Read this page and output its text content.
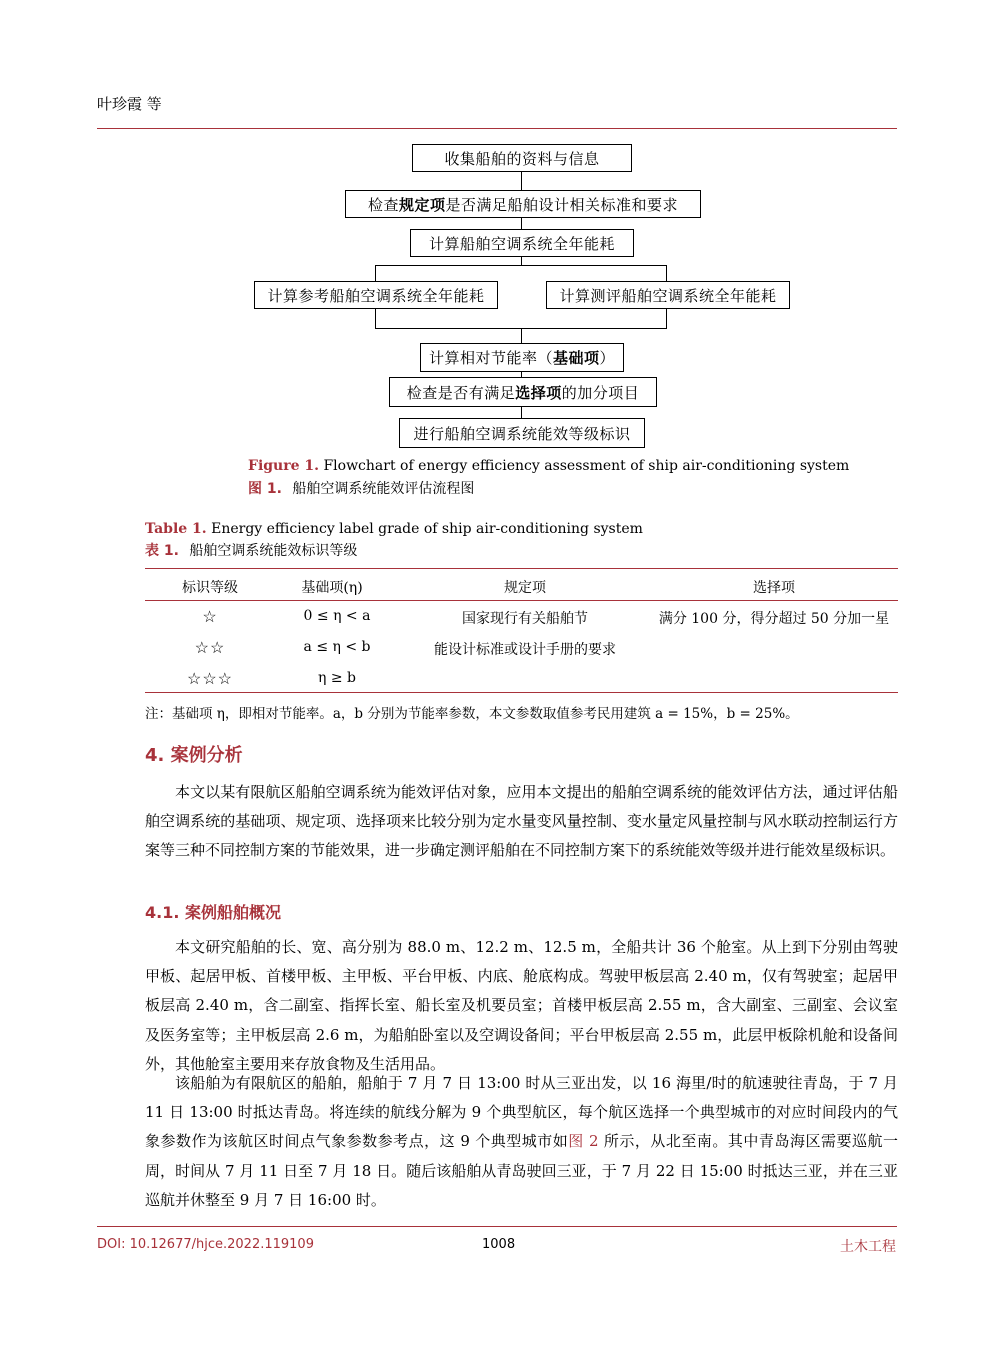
叶珍霞 等
收集船舶的资料与信息
检查 规定项 是否满足船舶设计相关标准和要求
计算船舶空调系统全年能耗
计算参考船舶空调系统全年能耗	计算测评船舶空调系统全年能耗
计算相对节能率（ 基础项 ）
检查是否有满足 选择项 的加分项目
进行船舶空调系统能效等级标识
Figure 1. Flowchart of energy efficiency assessment of ship air-conditioning system
图 1. 船舶空调系统能效评估流程图
Table 1. Energy efficiency label grade of ship air-conditioning system
表 1. 船舶空调系统能效标识等级
标识等级	基础项(η)	规定项	选择项
☆	0 ≤ η < a	国家现行有关船舶节	满分 100 分，得分超过 50 分加一星
☆☆	a ≤ η < b	能设计标准或设计手册的要求
☆☆☆	η ≥ b
注：基础项 η，即相对节能率。a，b 分别为节能率参数，本文参数取值参考民用建筑 a = 15%，b = 25%。
4. 案例分析

本文以某有限航区船舶空调系统为能效评估对象，应用本文提出的船舶空调系统的能效评估方法，通过评估船舶空调系统的基础项、规定项、选择项来比较分别为定水量变风量控制、变水量定风量控制与风水联动控制运行方案等三种不同控制方案的节能效果，进一步确定测评船舶在不同控制方案下的系统能效等级并进行能效星级标识。

4.1. 案例船舶概况

本文研究船舶的长、宽、高分别为 88.0 m、12.2 m、12.5 m，全船共计 36 个舱室。从上到下分别由驾驶甲板、起居甲板、首楼甲板、主甲板、平台甲板、内底、舱底构成。驾驶甲板层高 2.40 m，仅有驾驶室；起居甲板层高 2.40 m，含二副室、指挥长室、船长室及机要员室；首楼甲板层高 2.55 m，含大副室、三副室、会议室及医务室等；主甲板层高 2.6 m，为船舶卧室以及空调设备间；平台甲板层高 2.55 m，此层甲板除机舱和设备间外，其他舱室主要用来存放食物及生活用品。

该船舶为有限航区的船舶，船舶于 7 月 7 日 13:00 时从三亚出发，以 16 海里/时的航速驶往青岛，于 7 月 11 日 13:00 时抵达青岛。将连续的航线分解为 9 个典型航区，每个航区选择一个典型城市的对应时间段内的气象参数作为该航区时间点气象参数参考点，这 9 个典型城市如图 2 所示，从北至南。其中青岛海区需要巡航一周，时间从 7 月 11 日至 7 月 18 日。随后该船舶从青岛驶回三亚，于 7 月 22 日 15:00 时抵达三亚，并在三亚巡航并休整至 9 月 7 日 16:00 时。

DOI: 10.12677/hjce.2022.119109	1008	土木工程
